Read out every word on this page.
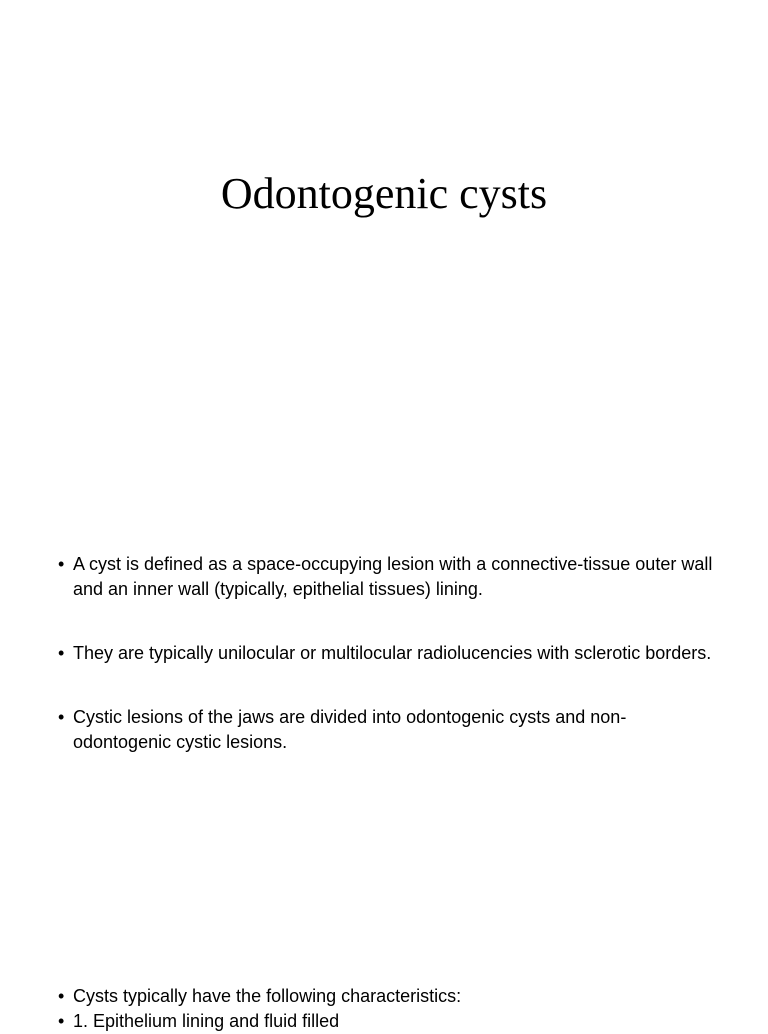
Odontogenic cysts
• A cyst is defined as a space-occupying lesion with a connective-tissue outer wall and an inner wall (typically, epithelial tissues) lining.
• They are typically unilocular or multilocular radiolucencies with sclerotic borders.
• Cystic lesions of the jaws are divided into odontogenic cysts and non-odontogenic cystic lesions.
• Cysts typically have the following characteristics:
• 1. Epithelium lining and fluid filled
